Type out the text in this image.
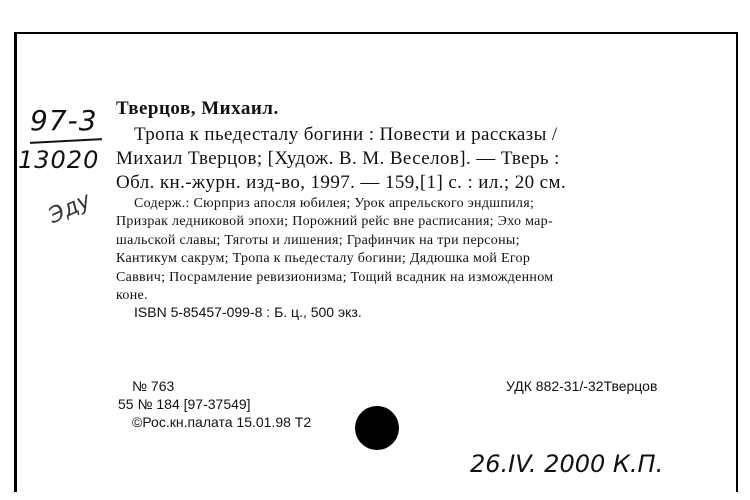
97-3
13020
Эду
Тверцов, Михаил.
Тропа к пьедесталу богини : Повести и рассказы /
Михаил Тверцов; [Худож. В. М. Веселов]. — Тверь :
Обл. кн.-журн. изд-во, 1997. — 159,[1] с. : ил.; 20 см.
Содерж.: Сюрприз апосля юбилея; Урок апрельского эндшпиля;
Призрак ледниковой эпохи; Порожний рейс вне расписания; Эхо мар-
шальской славы; Тяготы и лишения; Графинчик на три персоны;
Кантикум сакрум; Тропа к пьедесталу богини; Дядюшка мой Егор
Саввич; Посрамление ревизионизма; Тощий всадник на изможденном
коне.
ISBN 5-85457-099-8 : Б. ц., 500 экз.
№ 763
55 № 184 [97-37549]
©Рос.кн.палата 15.01.98 Т2
УДК 882-31/-32Тверцов
26.IV. 2000 К.П.
